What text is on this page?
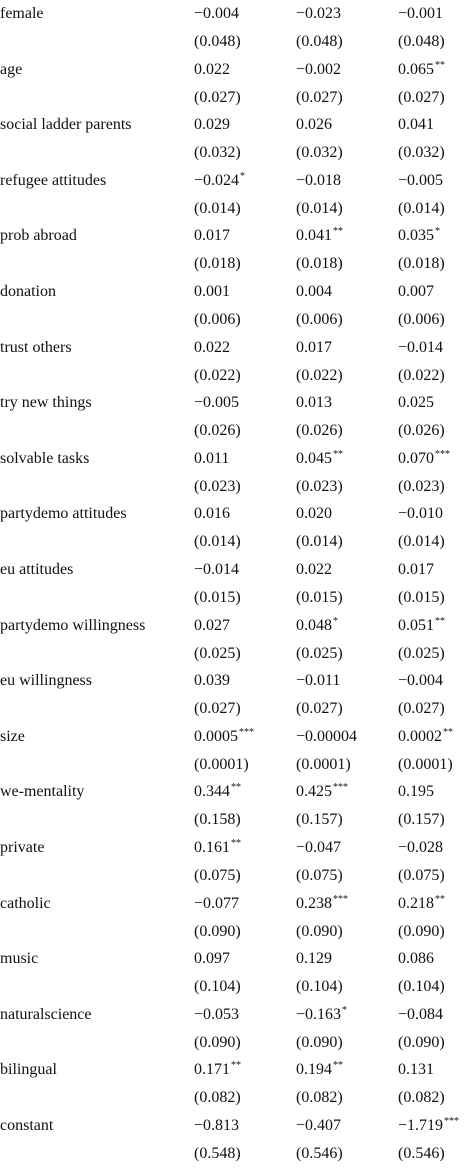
female	−0.004	−0.023	−0.001
(0.048)	(0.048)	(0.048)
age	0.022	−0.002	0.065**
(0.027)	(0.027)	(0.027)
social ladder parents	0.029	0.026	0.041
(0.032)	(0.032)	(0.032)
refugee attitudes	−0.024*	−0.018	−0.005
(0.014)	(0.014)	(0.014)
prob abroad	0.017	0.041**	0.035*
(0.018)	(0.018)	(0.018)
donation	0.001	0.004	0.007
(0.006)	(0.006)	(0.006)
trust others	0.022	0.017	−0.014
(0.022)	(0.022)	(0.022)
try new things	−0.005	0.013	0.025
(0.026)	(0.026)	(0.026)
solvable tasks	0.011	0.045**	0.070***
(0.023)	(0.023)	(0.023)
partydemo attitudes	0.016	0.020	−0.010
(0.014)	(0.014)	(0.014)
eu attitudes	−0.014	0.022	0.017
(0.015)	(0.015)	(0.015)
partydemo willingness	0.027	0.048*	0.051**
(0.025)	(0.025)	(0.025)
eu willingness	0.039	−0.011	−0.004
(0.027)	(0.027)	(0.027)
size	0.0005***	−0.00004	0.0002**
(0.0001)	(0.0001)	(0.0001)
we-mentality	0.344**	0.425***	0.195
(0.158)	(0.157)	(0.157)
private	0.161**	−0.047	−0.028
(0.075)	(0.075)	(0.075)
catholic	−0.077	0.238***	0.218**
(0.090)	(0.090)	(0.090)
music	0.097	0.129	0.086
(0.104)	(0.104)	(0.104)
naturalscience	−0.053	−0.163*	−0.084
(0.090)	(0.090)	(0.090)
bilingual	0.171**	0.194**	0.131
(0.082)	(0.082)	(0.082)
constant	−0.813	−0.407	−1.719***
(0.548)	(0.546)	(0.546)
